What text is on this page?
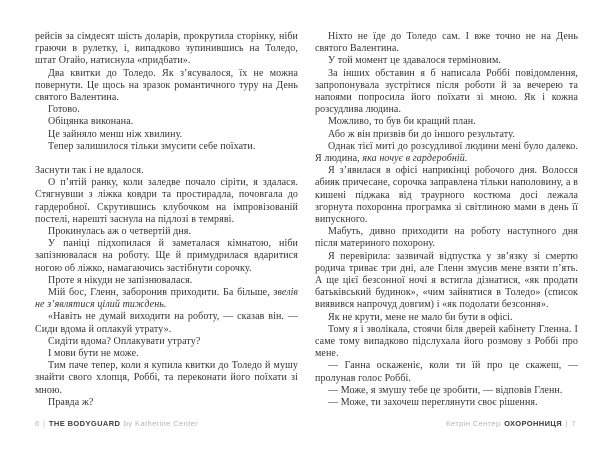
рейсів за сімдесят шість доларів, прокрутила сторінку, ніби граючи в рулетку, і, випадково зупинившись на Толедо, штат Огайо, натиснула «придбати».

Два квитки до Толедо. Як з’ясувалося, їх не можна повернути. Це щось на зразок романтичного туру на День святого Валентина.

Готово.

Обіцянка виконана.

Це зайняло менш ніж хвилину.

Тепер залишилося тільки змусити себе поїхати.

Заснути так і не вдалося.

О п’ятій ранку, коли заледве почало сіріти, я здалася. Стягнувши з ліжка ковдри та простирадла, почовгала до гардеробної. Скрутившись клубочком на імпровізованій постелі, нарешті заснула на підлозі в темряві.

Прокинулась аж о четвертій дня.

У паніці підхопилася й заметалася кімнатою, ніби запізнювалася на роботу. Ще й примудрилася вдаритися ногою об ліжко, намагаючись застібнути сорочку.

Проте я нікуди не запізнювалася.

Мій бос, Гленн, заборонив приходити. Ба більше, звелів не з’являтися цілий тиждень.

«Навіть не думай виходити на роботу, — сказав він. — Сиди вдома й оплакуй утрату».

Сидіти вдома? Оплакувати утрату?

І мови бути не може.

Тим паче тепер, коли я купила квитки до Толедо й мушу знайти свого хлопця, Роббі, та переконати його поїхати зі мною.

Правда ж?

6 | THE BODYGUARD by Katherine Center

Ніхто не їде до Толедо сам. І вже точно не на День святого Валентина.

У той момент це здавалося терміновим.

За інших обставин я б написала Роббі повідомлення, запропонувала зустрітися після роботи й за вечерею та напоями попросила його поїхати зі мною. Як і кожна розсудлива людина.

Можливо, то був би кращий план.

Або ж він призвів би до іншого результату.

Однак тієї миті до розсудливої людини мені було далеко. Я людина, яка ночує в гардеробній.

Я з’явилася в офісі наприкінці робочого дня. Волосся абияк причесане, сорочка заправлена тільки наполовину, а в кишені піджака від траурного костюма досі лежала згорнута похоронна програмка зі світлиною мами в день її випускного.

Мабуть, дивно приходити на роботу наступного дня після материного похорону.

Я перевірила: зазвичай відпустка у зв’язку зі смертю родича триває три дні, але Гленн змусив мене взяти п’ять. А ще цієї безсонної ночі я встигла дізнатися, «як продати батьківський будинок», «чим зайнятися в Толедо» (список виявився напрочуд довгим) і «як подолати безсоння».

Як не крути, мене не мало би бути в офісі.

Тому я і зволікала, стоячи біля дверей кабінету Гленна. І саме тому випадково підслухала його розмову з Роббі про мене.

— Ганна оскаженіє, коли ти їй про це скажеш, — пролунав голос Роббі.

— Може, я змушу тебе це зробити, — відповів Гленн.

— Може, ти захочеш переглянути своє рішення.

Кетрін Сентер ОХОРОННИЦЯ | 7
